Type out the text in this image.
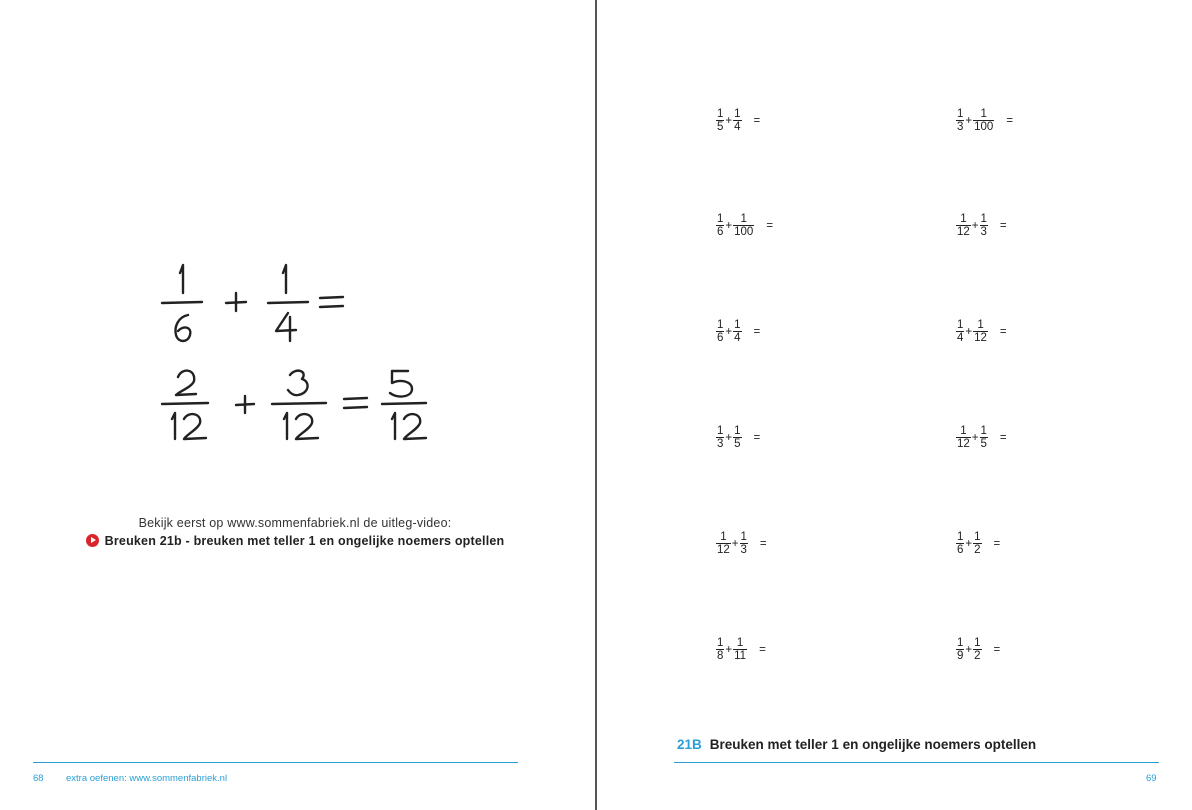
Bekijk eerst op www.sommenfabriek.nl de uitleg-video:
Breuken 21b - breuken met teller 1 en ongelijke noemers optellen
68 extra oefenen: www.sommenfabriek.nl
$\frac{1}{5} + \frac{1}{4}$ =	$\frac{1}{3} + \frac{1}{100}$ =
$\frac{1}{6} + \frac{1}{100}$ =	$\frac{1}{12} + \frac{1}{3}$ =
$\frac{1}{6} + \frac{1}{4}$ =	$\frac{1}{4} + \frac{1}{12}$ =
$\frac{1}{3} + \frac{1}{5}$ =	$\frac{1}{12} + \frac{1}{5}$ =
$\frac{1}{12} + \frac{1}{3}$ =	$\frac{1}{6} + \frac{1}{2}$ =
$\frac{1}{8} + \frac{1}{11}$ =	$\frac{1}{9} + \frac{1}{2}$ =
21B Breuken met teller 1 en ongelijke noemers optellen
69
